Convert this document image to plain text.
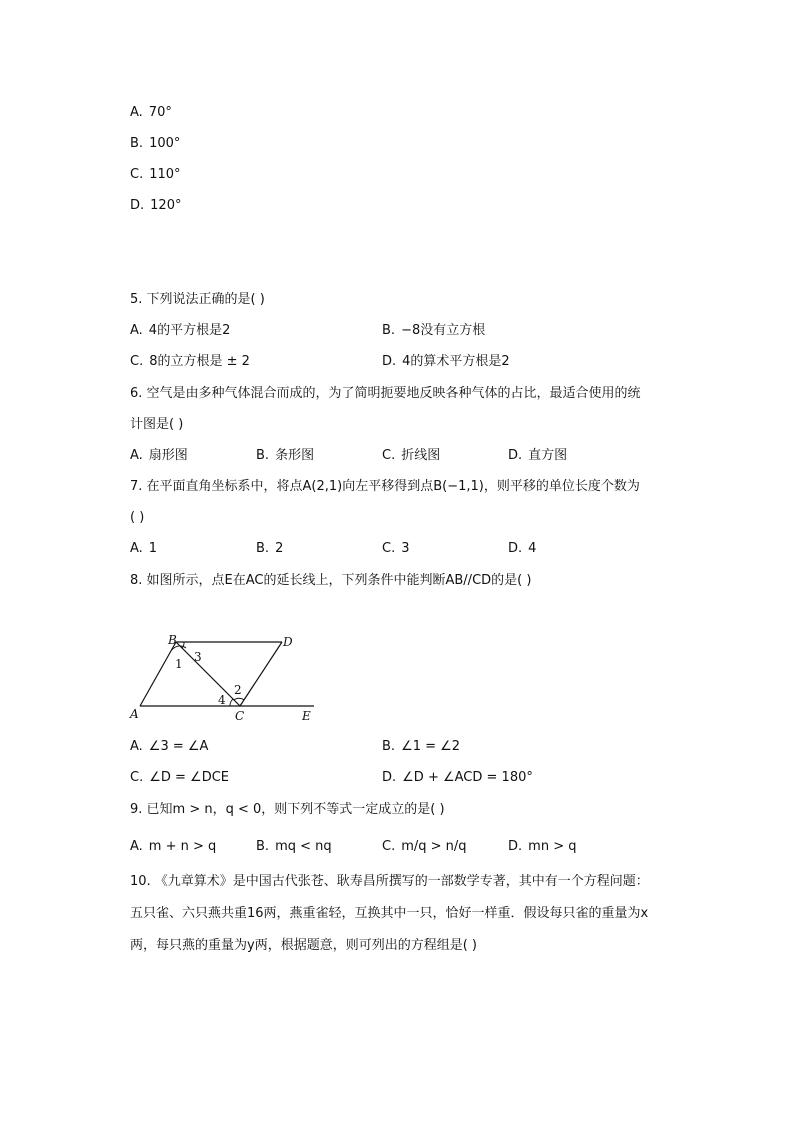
A. 70°
B. 100°
C. 110°
D. 120°
5. 下列说法正确的是( )
A. 4的平方根是2	B. −8没有立方根
C. 8的立方根是 ± 2	D. 4的算术平方根是2
6. 空气是由多种气体混合而成的，为了简明扼要地反映各种气体的占比，最适合使用的统
计图是( )
A. 扇形图	B. 条形图	C. 折线图	D. 直方图
7. 在平面直角坐标系中，将点A(2,1)向左平移得到点B(−1,1)，则平移的单位长度个数为
( )
A. 1	B. 2	C. 3	D. 4
8. 如图所示，点E在AC的延长线上，下列条件中能判断AB//CD的是( )
B	D
A	C	E
1 3
2
4
A. ∠3 = ∠A	B. ∠1 = ∠2
C. ∠D = ∠DCE	D. ∠D + ∠ACD = 180°
9. 已知m > n，q < 0，则下列不等式一定成立的是( )
A. m + n > q	B. mq < nq	C. m/q > n/q	D. mn > q
10. 《九章算术》是中国古代张苍、耿寿昌所撰写的一部数学专著，其中有一个方程问题：
五只雀、六只燕共重16两，燕重雀轻，互换其中一只，恰好一样重．假设每只雀的重量为x
两，每只燕的重量为y两，根据题意，则可列出的方程组是( )
